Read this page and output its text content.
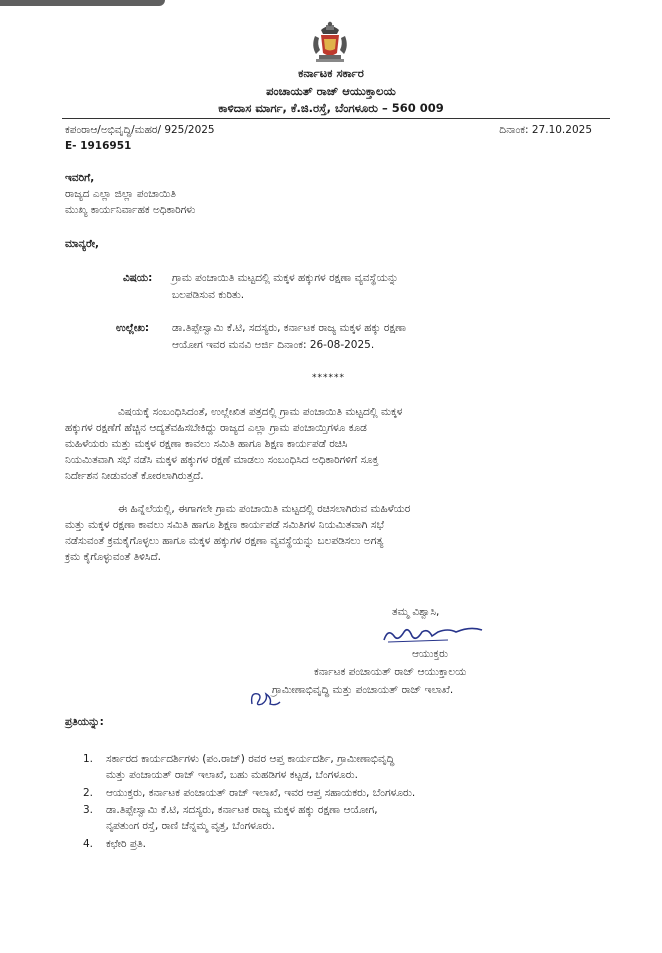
ಕರ್ನಾಟಕ ಸರ್ಕಾರ
ಪಂಚಾಯತ್ ರಾಜ್ ಆಯುಕ್ತಾಲಯ
ಕಾಳಿದಾಸ ಮಾರ್ಗ, ಕೆ.ಜಿ.ರಸ್ತೆ, ಬೆಂಗಳೂರು – 560 009
ಕಪಂರಾಆ/ಅಭಿವೃದ್ಧಿ/ಮಹರ/ 925/2025	ದಿನಾಂಕ: 27.10.2025
E- 1916951
ಇವರಿಗೆ,
ರಾಜ್ಯದ ಎಲ್ಲಾ ಜಿಲ್ಲಾ ಪಂಚಾಯಿತಿ
ಮುಖ್ಯ ಕಾರ್ಯನಿರ್ವಾಹಕ ಅಧಿಕಾರಿಗಳು
ಮಾನ್ಯರೇ,
ವಿಷಯ: ಗ್ರಾಮ ಪಂಚಾಯಿತಿ ಮಟ್ಟದಲ್ಲಿ ಮಕ್ಕಳ ಹಕ್ಕುಗಳ ರಕ್ಷಣಾ ವ್ಯವಸ್ಥೆಯನ್ನು
ಬಲಪಡಿಸುವ ಕುರಿತು.
ಉಲ್ಲೇಖ: ಡಾ.ತಿಪ್ಪೇಸ್ವಾಮಿ ಕೆ.ಟಿ, ಸದಸ್ಯರು, ಕರ್ನಾಟಕ ರಾಜ್ಯ ಮಕ್ಕಳ ಹಕ್ಕು ರಕ್ಷಣಾ
ಆಯೋಗ ಇವರ ಮನವಿ ಅರ್ಜಿ ದಿನಾಂಕ: 26-08-2025.
******
ವಿಷಯಕ್ಕೆ ಸಂಬಂಧಿಸಿದಂತೆ, ಉಲ್ಲೇಖಿತ ಪತ್ರದಲ್ಲಿ ಗ್ರಾಮ ಪಂಚಾಯಿತಿ ಮಟ್ಟದಲ್ಲಿ ಮಕ್ಕಳ
ಹಕ್ಕುಗಳ ರಕ್ಷಣೆಗೆ ಹೆಚ್ಚಿನ ಆದ್ಯತೆವಹಿಸಬೇಕಿದ್ದು ರಾಜ್ಯದ ಎಲ್ಲಾ ಗ್ರಾಮ ಪಂಚಾಯ್ತಿಗಳೂ ಕೂಡ
ಮಹಿಳೆಯರು ಮತ್ತು ಮಕ್ಕಳ ರಕ್ಷಣಾ ಕಾವಲು ಸಮಿತಿ ಹಾಗೂ ಶಿಕ್ಷಣ ಕಾರ್ಯಪಡೆ ರಚಿಸಿ
ನಿಯಮಿತವಾಗಿ ಸಭೆ ನಡೆಸಿ ಮಕ್ಕಳ ಹಕ್ಕುಗಳ ರಕ್ಷಣೆ ಮಾಡಲು ಸಂಬಂಧಿಸಿದ ಅಧಿಕಾರಿಗಳಿಗೆ ಸೂಕ್ತ
ನಿರ್ದೇಶನ ನೀಡುವಂತೆ ಕೋರಲಾಗಿರುತ್ತದೆ.
ಈ ಹಿನ್ನೆಲೆಯಲ್ಲಿ, ಈಗಾಗಲೇ ಗ್ರಾಮ ಪಂಚಾಯಿತಿ ಮಟ್ಟದಲ್ಲಿ ರಚಿಸಲಾಗಿರುವ ಮಹಿಳೆಯರ
ಮತ್ತು ಮಕ್ಕಳ ರಕ್ಷಣಾ ಕಾವಲು ಸಮಿತಿ ಹಾಗೂ ಶಿಕ್ಷಣ ಕಾರ್ಯಪಡೆ ಸಮಿತಿಗಳ ನಿಯಮಿತವಾಗಿ ಸಭೆ
ನಡೆಸುವಂತೆ ಕ್ರಮಕೈಗೊಳ್ಳಲು ಹಾಗೂ ಮಕ್ಕಳ ಹಕ್ಕುಗಳ ರಕ್ಷಣಾ ವ್ಯವಸ್ಥೆಯನ್ನು ಬಲಪಡಿಸಲು ಅಗತ್ಯ
ಕ್ರಮ ಕೈಗೊಳ್ಳುವಂತೆ ತಿಳಿಸಿದೆ.
ತಮ್ಮ ವಿಶ್ವಾಸಿ,
ಆಯುಕ್ತರು
ಕರ್ನಾಟಕ ಪಂಚಾಯತ್ ರಾಜ್ ಆಯುಕ್ತಾಲಯ
ಗ್ರಾಮೀಣಾಭಿವೃದ್ಧಿ ಮತ್ತು ಪಂಚಾಯತ್ ರಾಜ್ ಇಲಾಖೆ.
ಪ್ರತಿಯನ್ನು:
1. ಸರ್ಕಾರದ ಕಾರ್ಯದರ್ಶಿಗಳು (ಪಂ.ರಾಜ್) ರವರ ಆಪ್ತ ಕಾರ್ಯದರ್ಶಿ, ಗ್ರಾಮೀಣಾಭಿವೃದ್ಧಿ
ಮತ್ತು ಪಂಚಾಯತ್ ರಾಜ್ ಇಲಾಖೆ, ಬಹು ಮಹಡಿಗಳ ಕಟ್ಟಡ, ಬೆಂಗಳೂರು.
2. ಆಯುಕ್ತರು, ಕರ್ನಾಟಕ ಪಂಚಾಯತ್ ರಾಜ್ ಇಲಾಖೆ, ಇವರ ಆಪ್ತ ಸಹಾಯಕರು, ಬೆಂಗಳೂರು.
3. ಡಾ.ತಿಪ್ಪೇಸ್ವಾಮಿ ಕೆ.ಟಿ, ಸದಸ್ಯರು, ಕರ್ನಾಟಕ ರಾಜ್ಯ ಮಕ್ಕಳ ಹಕ್ಕು ರಕ್ಷಣಾ ಆಯೋಗ,
ನೃಪತುಂಗ ರಸ್ತೆ, ರಾಣಿ ಚೆನ್ನಮ್ಮ ವೃತ್ತ, ಬೆಂಗಳೂರು.
4. ಕಛೇರಿ ಪ್ರತಿ.
